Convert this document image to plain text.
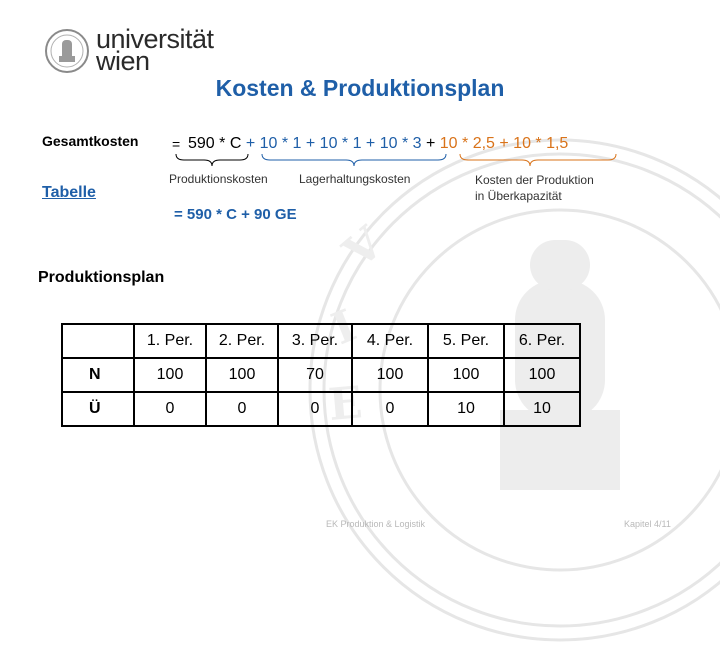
V
I
E
universität
wien
Kosten & Produktionsplan
Gesamtkosten = 590 * C + 10 * 1 + 10 * 1 + 10 * 3 + 10 * 2,5 + 10 * 1,5
Produktionskosten	Lagerhaltungskosten	Kosten der Produktion
in Überkapazität
Tabelle
= 590 * C + 90 GE
Produktionsplan
	1. Per.	2. Per.	3. Per.	4. Per.	5. Per.	6. Per.
N	100	100	70	100	100	100
Ü	0	0	0	0	10	10
EK Produktion & Logistik	Kapitel 4/11
